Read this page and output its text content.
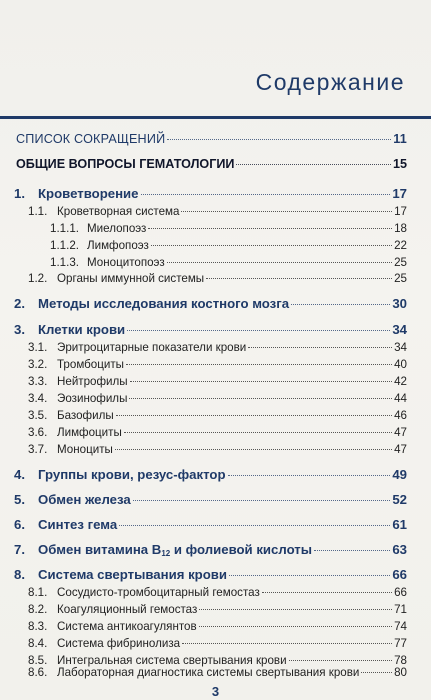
Содержание
СПИСОК СОКРАЩЕНИЙ	11
ОБЩИЕ ВОПРОСЫ ГЕМАТОЛОГИИ	15
1. Кроветворение	17
1.1. Кроветворная система	17
1.1.1. Миелопоэз	18
1.1.2. Лимфопоэз	22
1.1.3. Моноцитопоэз	25
1.2. Органы иммунной системы	25
2. Методы исследования костного мозга	30
3. Клетки крови	34
3.1. Эритроцитарные показатели крови	34
3.2. Тромбоциты	40
3.3. Нейтрофилы	42
3.4. Эозинофилы	44
3.5. Базофилы	46
3.6. Лимфоциты	47
3.7. Моноциты	47
4. Группы крови, резус-фактор	49
5. Обмен железа	52
6. Синтез гема	61
7. Обмен витамина $B_{12}$ и фолиевой кислоты	63
8. Система свертывания крови	66
8.1. Сосудисто-тромбоцитарный гемостаз	66
8.2. Коагуляционный гемостаз	71
8.3. Система антикоагулянтов	74
8.4. Система фибринолиза	77
8.5. Интегральная система свертывания крови	78
8.6. Лабораторная диагностика системы свертывания крови	80
3
